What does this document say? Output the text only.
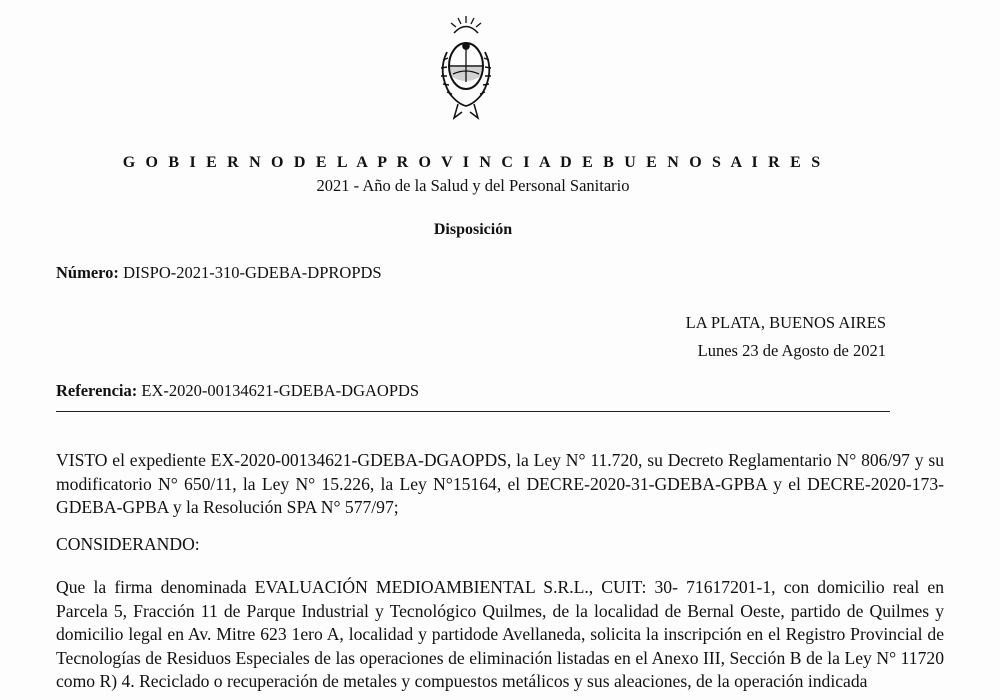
G O B I E R N O D E L A P R O V I N C I A D E B U E N O S A I R E S
2021 - Año de la Salud y del Personal Sanitario
Disposición
Número: DISPO-2021-310-GDEBA-DPROPDS
LA PLATA, BUENOS AIRES
Lunes 23 de Agosto de 2021
Referencia: EX-2020-00134621-GDEBA-DGAOPDS

VISTO el expediente EX-2020-00134621-GDEBA-DGAOPDS, la Ley N° 11.720, su Decreto Reglamentario N° 806/97 y su modificatorio N° 650/11, la Ley N° 15.226, la Ley N°15164, el DECRE-2020-31-GDEBA-GPBA y el DECRE-2020-173-GDEBA-GPBA y la Resolución SPA N° 577/97;

CONSIDERANDO:

Que la firma denominada EVALUACIÓN MEDIOAMBIENTAL S.R.L., CUIT: 30- 71617201-1, con domicilio real en Parcela 5, Fracción 11 de Parque Industrial y Tecnológico Quilmes, de la localidad de Bernal Oeste, partido de Quilmes y domicilio legal en Av. Mitre 623 1ero A, localidad y partidode Avellaneda, solicita la inscripción en el Registro Provincial de Tecnologías de Residuos Especiales de las operaciones de eliminación listadas en el Anexo III, Sección B de la Ley N° 11720 como R) 4. Reciclado o recuperación de metales y compuestos metálicos y sus aleaciones, de la operación indicada
